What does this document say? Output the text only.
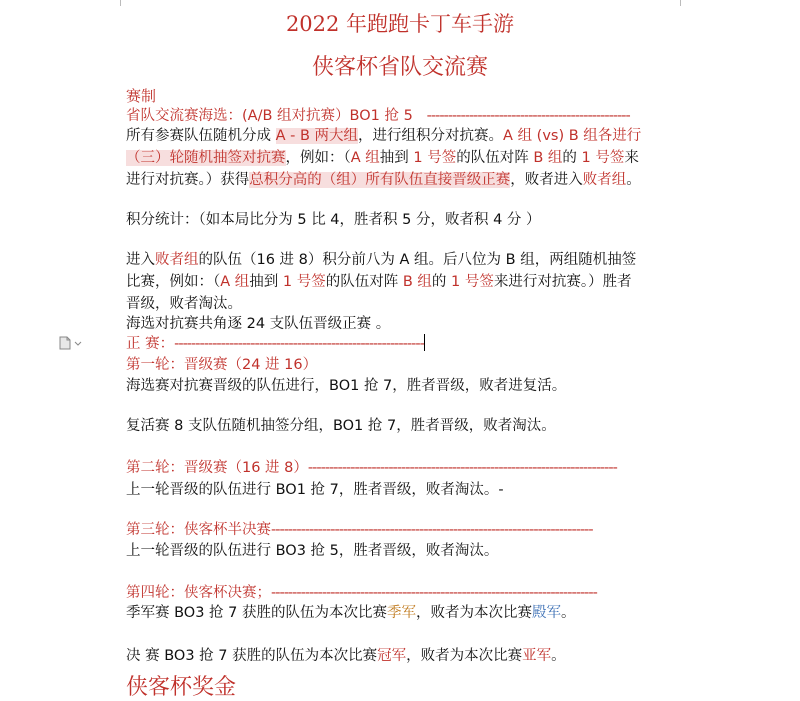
2022 年跑跑卡丁车手游
侠客杯省队交流赛
赛制
省队交流赛海选：(A/B 组对抗赛）BO1 抢 5 ------------------------------------------------
所有参赛队伍随机分成 A - B 两大组，进行组积分对抗赛。A 组 (vs) B 组各进行
（三）轮随机抽签对抗赛，例如：（A 组抽到 1 号签的队伍对阵 B 组的 1 号签来
进行对抗赛。）获得总积分高的（组）所有队伍直接晋级正赛，败者进入败者组。
积分统计：（如本局比分为 5 比 4，胜者积 5 分，败者积 4 分 ）
进入败者组的队伍（16 进 8）积分前八为 A 组。后八位为 B 组，两组随机抽签
比赛，例如：（A 组抽到 1 号签的队伍对阵 B 组的 1 号签来进行对抗赛。）胜者
晋级，败者淘汰。
海选对抗赛共角逐 24 支队伍晋级正赛 。
正 赛：-----------------------------------------------------------
第一轮：晋级赛（24 进 16）
海选赛对抗赛晋级的队伍进行，BO1 抢 7，胜者晋级，败者进复活。
复活赛 8 支队伍随机抽签分组，BO1 抢 7，胜者晋级，败者淘汰。
第二轮：晋级赛（16 进 8）-------------------------------------------------------------------------
上一轮晋级的队伍进行 BO1 抢 7，胜者晋级，败者淘汰。-
第三轮：侠客杯半决赛----------------------------------------------------------------------------
上一轮晋级的队伍进行 BO3 抢 5，胜者晋级，败者淘汰。
第四轮：侠客杯决赛；-----------------------------------------------------------------------------
季军赛 BO3 抢 7 获胜的队伍为本次比赛季军，败者为本次比赛殿军。
决 赛 BO3 抢 7 获胜的队伍为本次比赛冠军，败者为本次比赛亚军。
侠客杯奖金
